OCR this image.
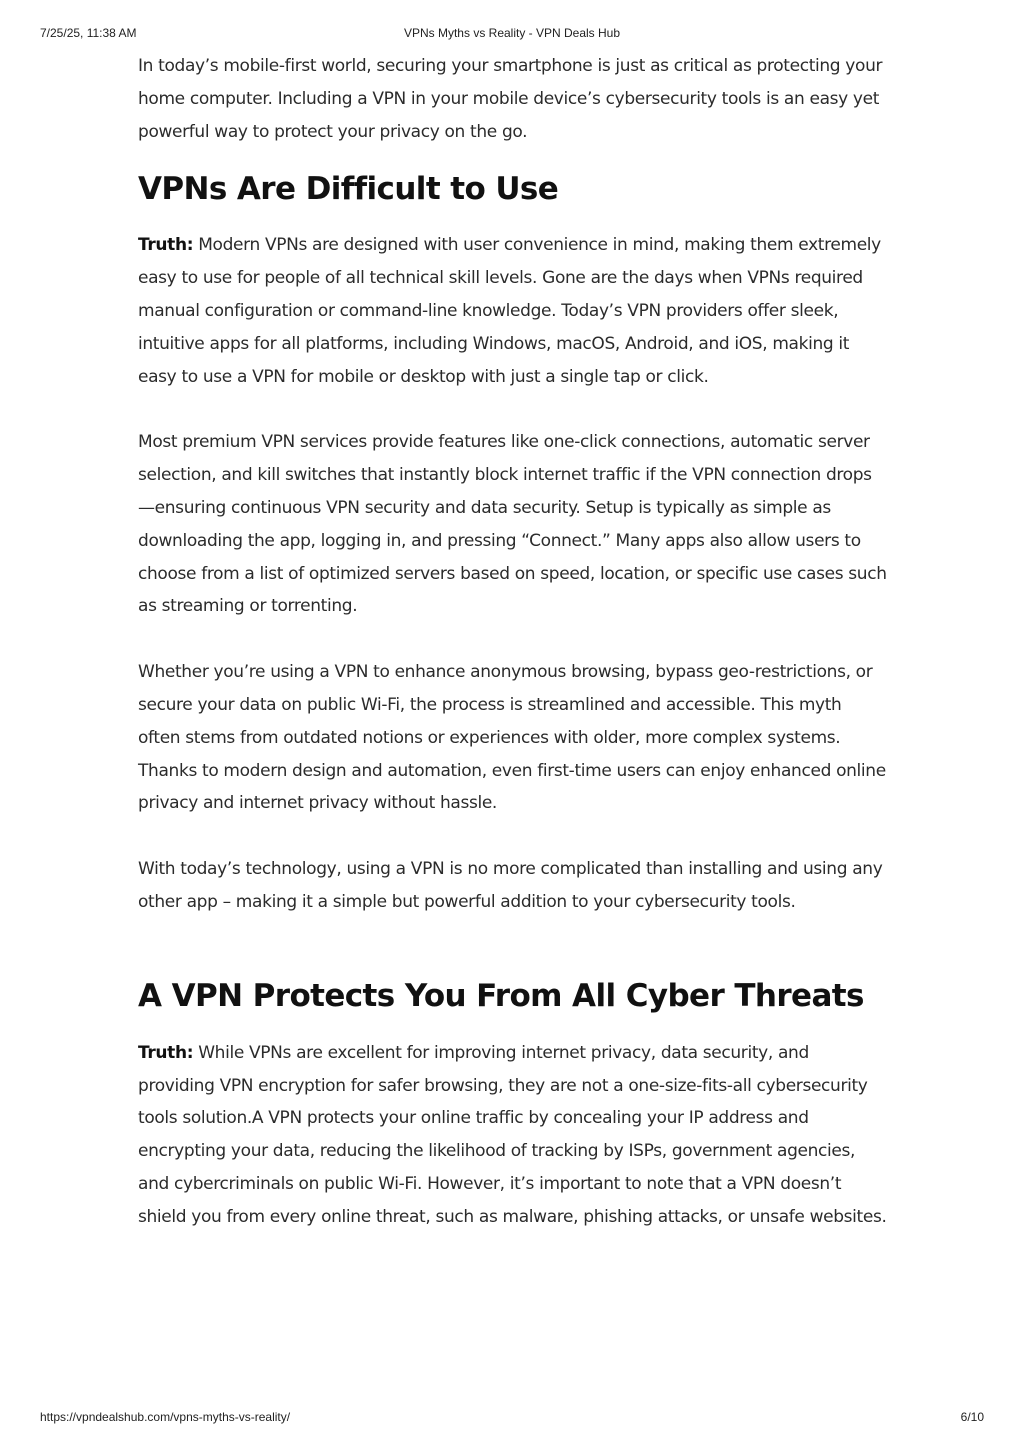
7/25/25, 11:38 AM	VPNs Myths vs Reality - VPN Deals Hub

In today’s mobile-first world, securing your smartphone is just as critical as protecting your home computer. Including a VPN in your mobile device’s cybersecurity tools is an easy yet powerful way to protect your privacy on the go.

VPNs Are Difficult to Use

Truth: Modern VPNs are designed with user convenience in mind, making them extremely easy to use for people of all technical skill levels. Gone are the days when VPNs required manual configuration or command-line knowledge. Today’s VPN providers offer sleek, intuitive apps for all platforms, including Windows, macOS, Android, and iOS, making it easy to use a VPN for mobile or desktop with just a single tap or click.

Most premium VPN services provide features like one-click connections, automatic server selection, and kill switches that instantly block internet traffic if the VPN connection drops—ensuring continuous VPN security and data security. Setup is typically as simple as downloading the app, logging in, and pressing “Connect.” Many apps also allow users to choose from a list of optimized servers based on speed, location, or specific use cases such as streaming or torrenting.

Whether you’re using a VPN to enhance anonymous browsing, bypass geo-restrictions, or secure your data on public Wi-Fi, the process is streamlined and accessible. This myth often stems from outdated notions or experiences with older, more complex systems. Thanks to modern design and automation, even first-time users can enjoy enhanced online privacy and internet privacy without hassle.

With today’s technology, using a VPN is no more complicated than installing and using any other app – making it a simple but powerful addition to your cybersecurity tools.

A VPN Protects You From All Cyber Threats

Truth: While VPNs are excellent for improving internet privacy, data security, and providing VPN encryption for safer browsing, they are not a one-size-fits-all cybersecurity tools solution.A VPN protects your online traffic by concealing your IP address and encrypting your data, reducing the likelihood of tracking by ISPs, government agencies, and cybercriminals on public Wi-Fi. However, it’s important to note that a VPN doesn’t shield you from every online threat, such as malware, phishing attacks, or unsafe websites.

https://vpndealshub.com/vpns-myths-vs-reality/	6/10
